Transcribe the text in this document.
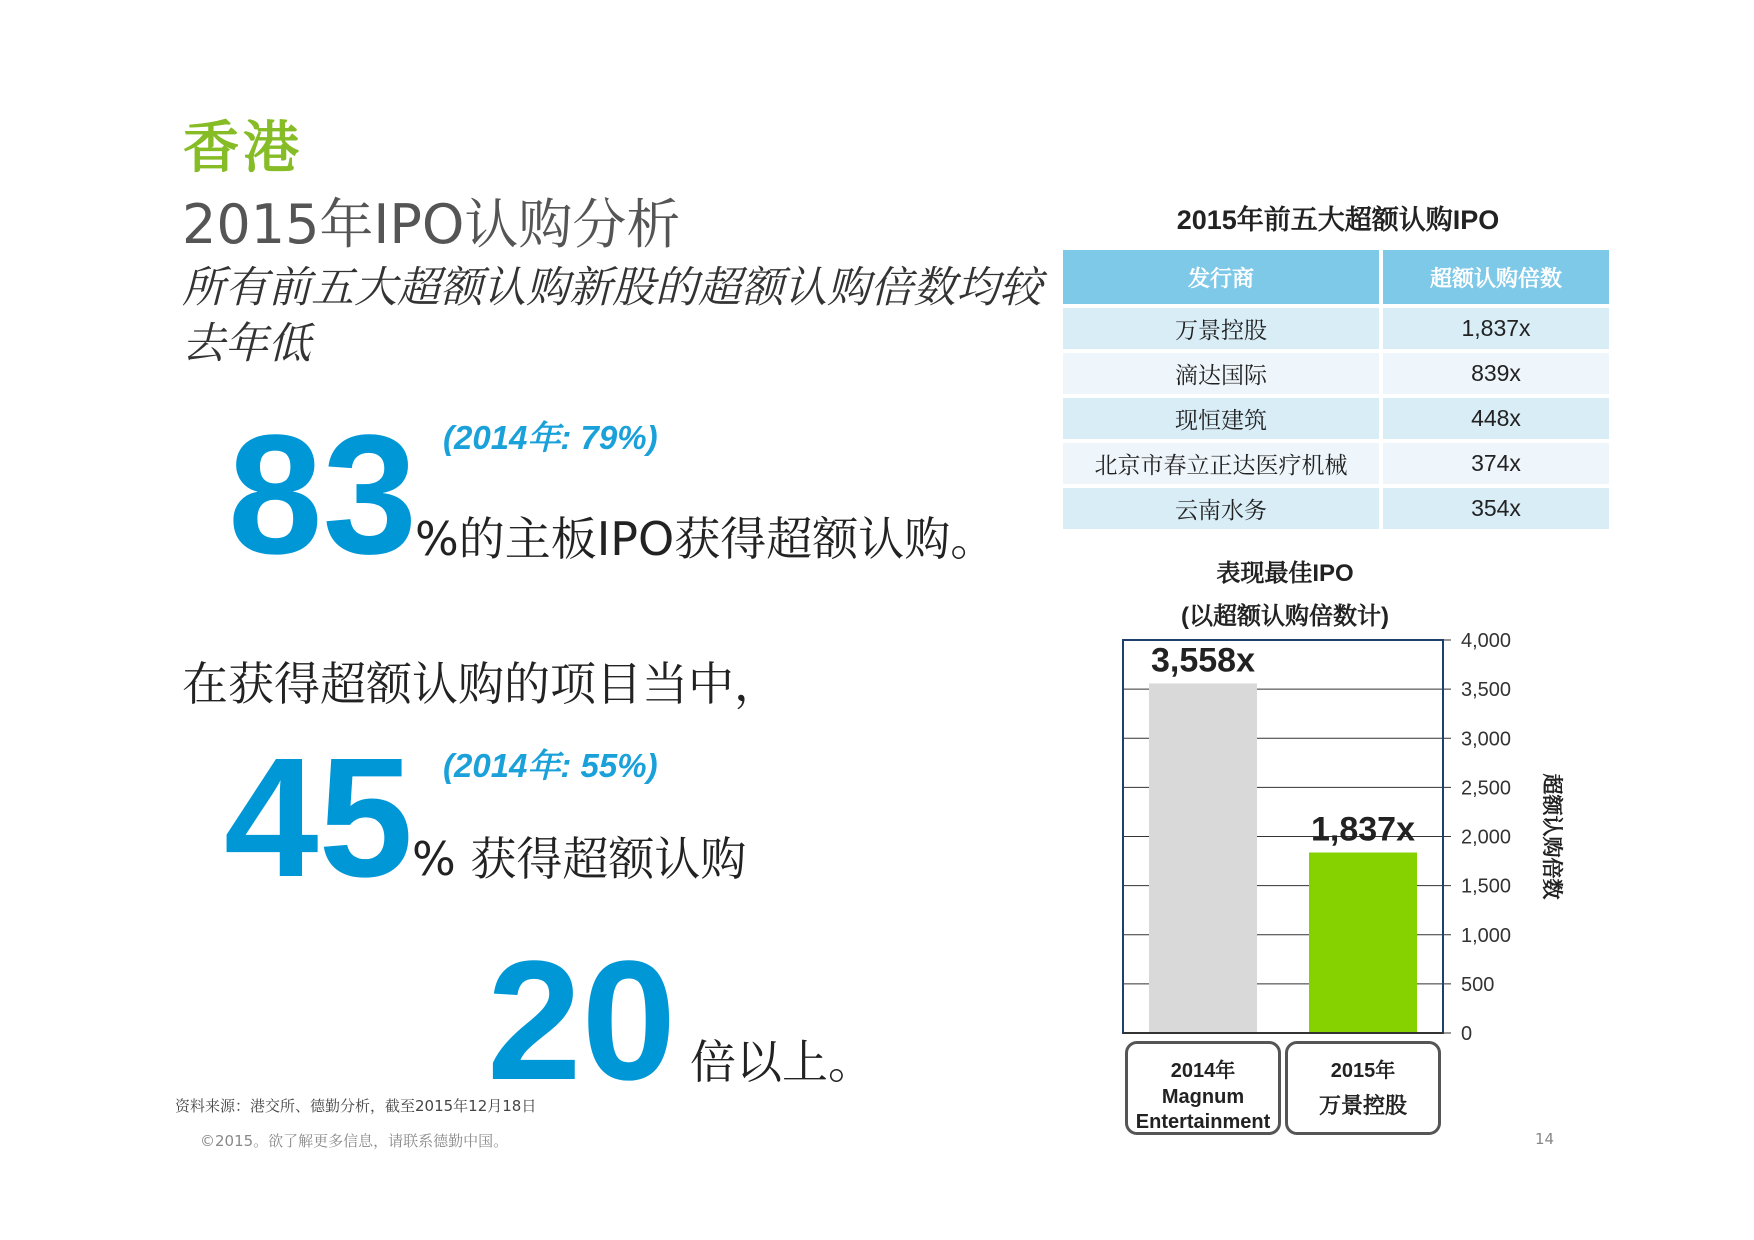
香港
2015年IPO认购分析
所有前五大超额认购新股的超额认购倍数均较去年低
83 (2014年: 79%)
%的主板IPO获得超额认购。
在获得超额认购的项目当中，
45 (2014年: 55%)
% 获得超额认购
20 倍以上。
资料来源：港交所、德勤分析，截至2015年12月18日
©2015。欲了解更多信息，请联系德勤中国。	14
2015年前五大超额认购IPO
发行商	超额认购倍数
万景控股	1,837x
滴达国际	839x
现恒建筑	448x
北京市春立正达医疗机械	374x
云南水务	354x
表现最佳IPO
(以超额认购倍数计)
0
500
1,000
1,500
2,000
2,500
3,000
3,500
4,000
超额认购倍数
3,558x
1,837x
2014年
Magnum Entertainment
2015年
万景控股
